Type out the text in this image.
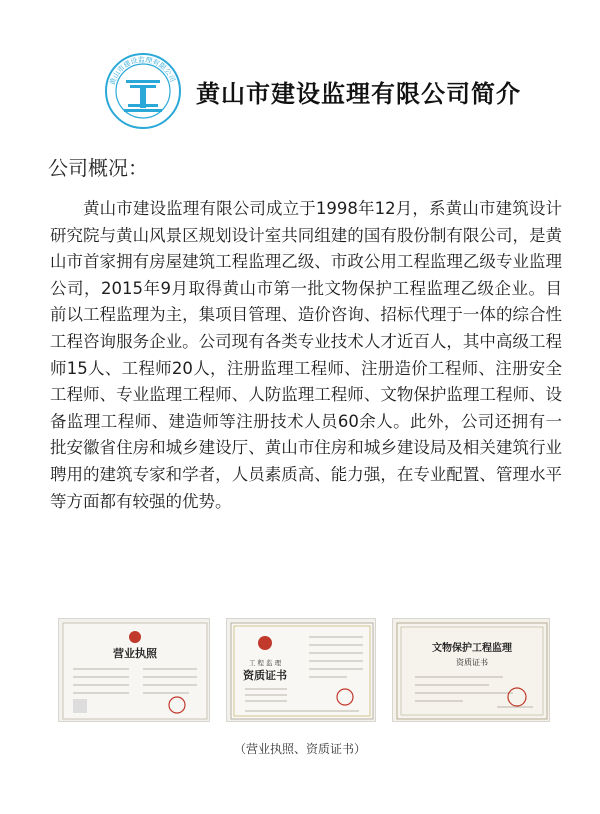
黄山市建设监理有限公司
黄山市建设监理有限公司简介
公司概况：
黄山市建设监理有限公司成立于1998年12月，系黄山市建筑设计研究院与黄山风景区规划设计室共同组建的国有股份制有限公司，是黄山市首家拥有房屋建筑工程监理乙级、市政公用工程监理乙级专业监理公司，2015年9月取得黄山市第一批文物保护工程监理乙级企业。目前以工程监理为主，集项目管理、造价咨询、招标代理于一体的综合性工程咨询服务企业。公司现有各类专业技术人才近百人，其中高级工程师15人、工程师20人，注册监理工程师、注册造价工程师、注册安全工程师、专业监理工程师、人防监理工程师、文物保护监理工程师、设备监理工程师、建造师等注册技术人员60余人。此外，公司还拥有一批安徽省住房和城乡建设厅、黄山市住房和城乡建设局及相关建筑行业聘用的建筑专家和学者，人员素质高、能力强，在专业配置、管理水平等方面都有较强的优势。
营业执照
工 程 监 理
资质证书
文物保护工程监理
资质证书
（营业执照、资质证书）
